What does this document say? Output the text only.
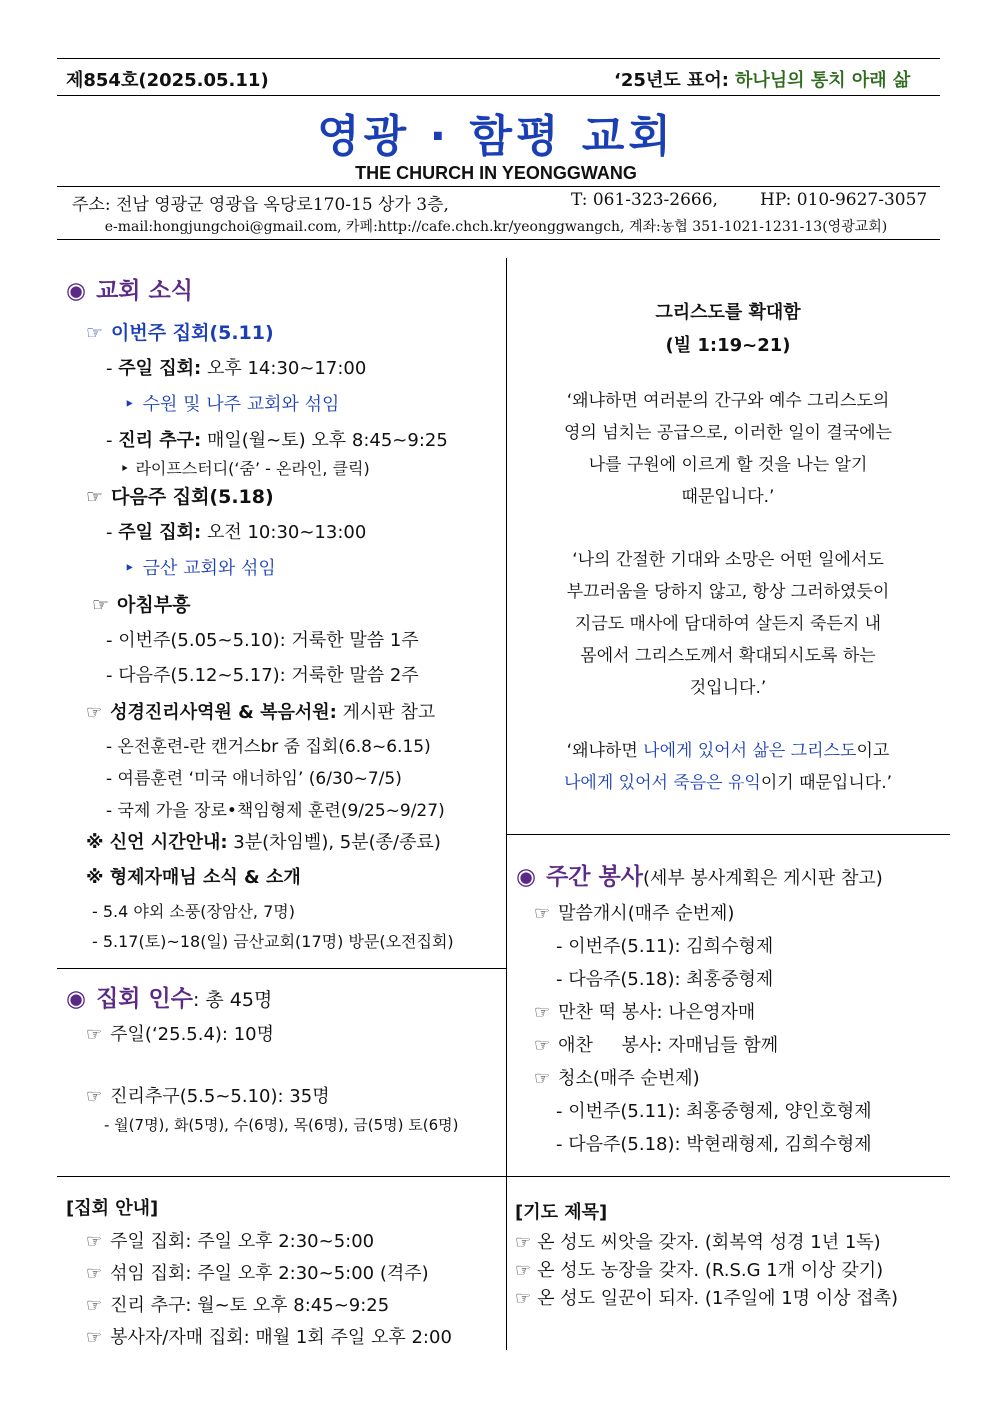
제854호(2025.05.11)	‘25년도 표어: 하나님의 통치 아래 삶
영광 · 함평 교회
THE CHURCH IN YEONGGWANG
주소: 전남 영광군 영광읍 옥당로170-15 상가 3층,	T: 061-323-2666, HP: 010-9627-3057
e-mail:hongjungchoi@gmail.com, 카페:http://cafe.chch.kr/yeonggwangch, 계좌:농협 351-1021-1231-13(영광교회)
◉ 교회 소식
☞ 이번주 집회(5.11)
- 주일 집회: 오후 14:30~17:00
‣ 수원 및 나주 교회와 섞임
- 진리 추구: 매일(월~토) 오후 8:45~9:25
‣ 라이프스터디(‘줌’ - 온라인, 클릭)
☞ 다음주 집회(5.18)
- 주일 집회: 오전 10:30~13:00
‣ 금산 교회와 섞임
☞ 아침부흥
- 이번주(5.05~5.10): 거룩한 말씀 1주
- 다음주(5.12~5.17): 거룩한 말씀 2주
☞ 성경진리사역원 & 복음서원: 게시판 참고
- 온전훈련-란 캔거스br 줌 집회(6.8~6.15)
- 여름훈련 ‘미국 애너하임’ (6/30~7/5)
- 국제 가을 장로•책임형제 훈련(9/25~9/27)
※ 신언 시간안내: 3분(차임벨), 5분(종/종료)
※ 형제자매님 소식 & 소개
- 5.4 야외 소풍(장암산, 7명)
- 5.17(토)~18(일) 금산교회(17명) 방문(오전집회)
◉ 집회 인수: 총 45명
☞ 주일(‘25.5.4): 10명
☞ 진리추구(5.5~5.10): 35명
- 월(7명), 화(5명), 수(6명), 목(6명), 금(5명) 토(6명)
[집회 안내]
☞ 주일 집회: 주일 오후 2:30~5:00
☞ 섞임 집회: 주일 오후 2:30~5:00 (격주)
☞ 진리 추구: 월~토 오후 8:45~9:25
☞ 봉사자/자매 집회: 매월 1회 주일 오후 2:00
그리스도를 확대함
(빌 1:19~21)
‘왜냐하면 여러분의 간구와 예수 그리스도의
영의 넘치는 공급으로, 이러한 일이 결국에는
나를 구원에 이르게 할 것을 나는 알기
때문입니다.’
‘나의 간절한 기대와 소망은 어떤 일에서도
부끄러움을 당하지 않고, 항상 그러하였듯이
지금도 매사에 담대하여 살든지 죽든지 내
몸에서 그리스도께서 확대되시도록 하는
것입니다.’
‘왜냐하면 나에게 있어서 삶은 그리스도이고
나에게 있어서 죽음은 유익이기 때문입니다.’
◉ 주간 봉사(세부 봉사계획은 게시판 참고)
☞ 말씀개시(매주 순번제)
- 이번주(5.11): 김희수형제
- 다음주(5.18): 최홍중형제
☞ 만찬 떡 봉사: 나은영자매
☞ 애찬     봉사: 자매님들 함께
☞ 청소(매주 순번제)
- 이번주(5.11): 최홍중형제, 양인호형제
- 다음주(5.18): 박현래형제, 김희수형제
[기도 제목]
☞ 온 성도 씨앗을 갖자. (회복역 성경 1년 1독)
☞ 온 성도 농장을 갖자. (R.S.G 1개 이상 갖기)
☞ 온 성도 일꾼이 되자. (1주일에 1명 이상 접촉)
